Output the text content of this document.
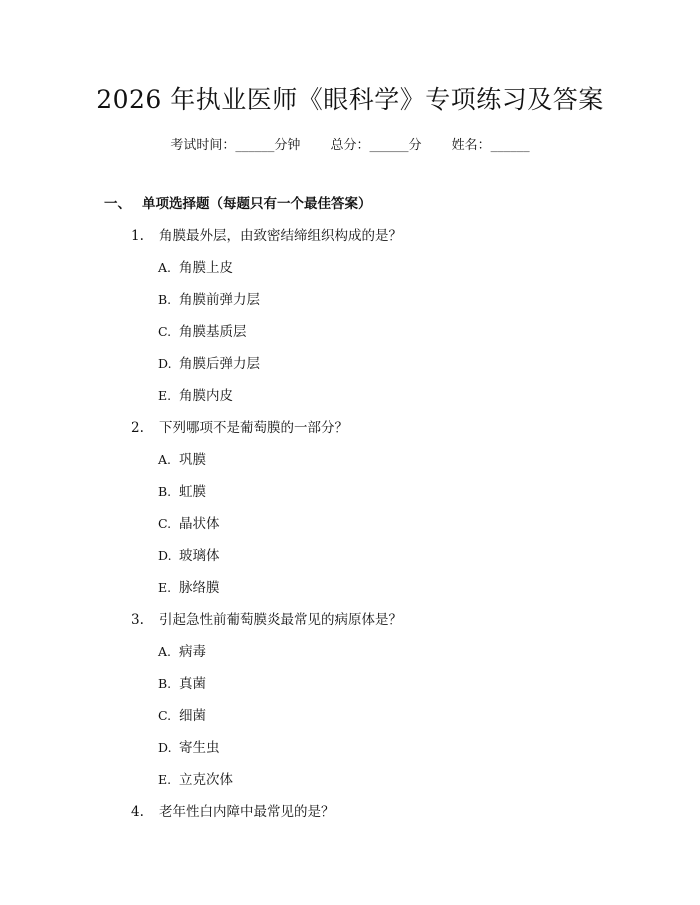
2026 年执业医师《眼科学》专项练习及答案
考试时间：______分钟 总分：______分 姓名：______
一、 单项选择题（每题只有一个最佳答案）
1. 角膜最外层，由致密结缔组织构成的是？
A. 角膜上皮
B. 角膜前弹力层
C. 角膜基质层
D. 角膜后弹力层
E. 角膜内皮
2. 下列哪项不是葡萄膜的一部分？
A. 巩膜
B. 虹膜
C. 晶状体
D. 玻璃体
E. 脉络膜
3. 引起急性前葡萄膜炎最常见的病原体是？
A. 病毒
B. 真菌
C. 细菌
D. 寄生虫
E. 立克次体
4. 老年性白内障中最常见的是？
